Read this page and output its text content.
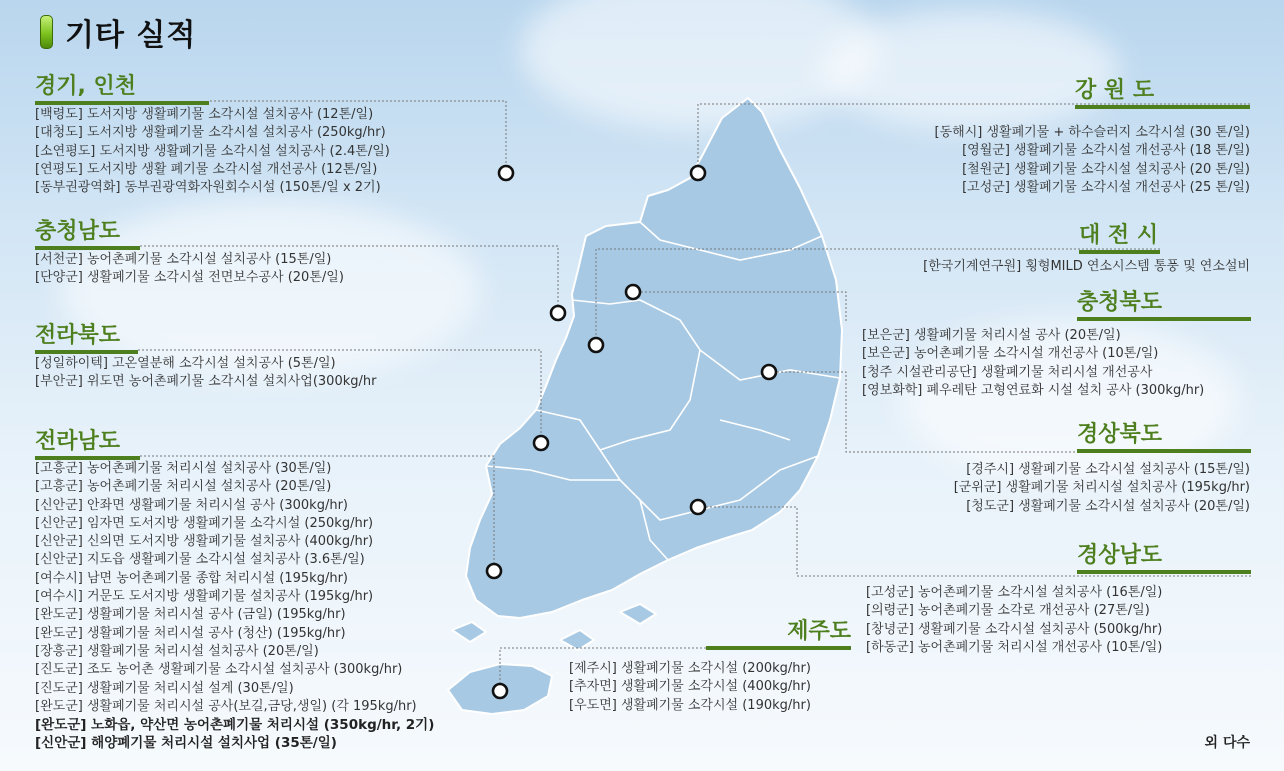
기타 실적
경기, 인천
[백령도] 도서지방 생활폐기물 소각시설 설치공사 (12톤/일)
[대청도] 도서지방 생활폐기물 소각시설 설치공사 (250kg/hr)
[소연평도] 도서지방 생활폐기물 소각시설 설치공사 (2.4톤/일)
[연평도] 도서지방 생활 폐기물 소각시설 개선공사 (12톤/일)
[동부권광역화] 동부권광역화자원회수시설 (150톤/일 x 2기)
충청남도
[서천군] 농어촌폐기물 소각시설 설치공사 (15톤/일)
[단양군] 생활폐기물 소각시설 전면보수공사 (20톤/일)
전라북도
[성일하이텍] 고온열분해 소각시설 설치공사 (5톤/일)
[부안군] 위도면 농어촌폐기물 소각시설 설치사업(300kg/hr
전라남도
[고흥군] 농어촌폐기물 처리시설 설치공사 (30톤/일)
[고흥군] 농어촌폐기물 처리시설 설치공사 (20톤/일)
[신안군] 안좌면 생활폐기물 처리시설 공사 (300kg/hr)
[신안군] 임자면 도서지방 생활폐기물 소각시설 (250kg/hr)
[신안군] 신의면 도서지방 생활폐기물 설치공사 (400kg/hr)
[신안군] 지도읍 생활폐기물 소각시설 설치공사 (3.6톤/일)
[여수시] 남면 농어촌폐기물 종합 처리시설 (195kg/hr)
[여수시] 거문도 도서지방 생활폐기물 설치공사 (195kg/hr)
[완도군] 생활폐기물 처리시설 공사 (금일) (195kg/hr)
[완도군] 생활폐기물 처리시설 공사 (청산) (195kg/hr)
[장흥군] 생활폐기물 처리시설 설치공사 (20톤/일)
[진도군] 조도 농어촌 생활폐기물 소각시설 설치공사 (300kg/hr)
[진도군] 생활폐기물 처리시설 설계 (30톤/일)
[완도군] 생활폐기물 처리시설 공사(보길,금당,생일) (각 195kg/hr)
[완도군] 노화읍, 약산면 농어촌폐기물 처리시설 (350kg/hr, 2기)
[신안군] 해양폐기물 처리시설 설치사업 (35톤/일)
강 원 도
[동해시] 생활폐기물 + 하수슬러지 소각시설 (30 톤/일)
[영월군] 생활폐기물 소각시설 개선공사 (18 톤/일)
[철원군] 생활폐기물 소각시설 설치공사 (20 톤/일)
[고성군] 생활폐기물 소각시설 개선공사 (25 톤/일)
대 전 시
[한국기계연구원] 횡형MILD 연소시스템 통풍 및 연소설비
충청북도
[보은군] 생활폐기물 처리시설 공사 (20톤/일)
[보은군] 농어촌폐기물 소각시설 개선공사 (10톤/일)
[청주 시설관리공단] 생활폐기물 처리시설 개선공사
[영보화학] 폐우레탄 고형연료화 시설 설치 공사 (300kg/hr)
경상북도
[경주시] 생활폐기물 소각시설 설치공사 (15톤/일)
[군위군] 생활폐기물 처리시설 설치공사 (195kg/hr)
[청도군] 생활폐기물 소각시설 설치공사 (20톤/일)
경상남도
[고성군] 농어촌폐기물 소각시설 설치공사 (16톤/일)
[의령군] 농어촌폐기물 소각로 개선공사 (27톤/일)
[창녕군] 생활폐기물 소각시설 설치공사 (500kg/hr)
[하동군] 농어촌폐기물 처리시설 개선공사 (10톤/일)
제주도
[제주시] 생활폐기물 소각시설 (200kg/hr)
[추자면] 생활폐기물 소각시설 (400kg/hr)
[우도면] 생활폐기물 소각시설 (190kg/hr)
외 다수
